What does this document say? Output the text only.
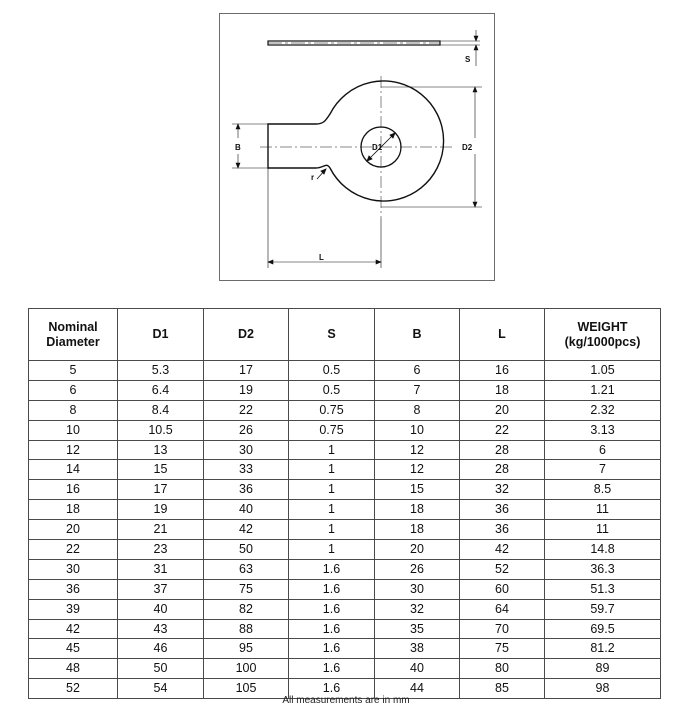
S
D1	D2
B
r
L
Nominal
Diameter	D1	D2	S	B	L	WEIGHT
(kg/1000pcs)
5	5.3	17	0.5	6	16	1.05
6	6.4	19	0.5	7	18	1.21
8	8.4	22	0.75	8	20	2.32
10	10.5	26	0.75	10	22	3.13
12	13	30	1	12	28	6
14	15	33	1	12	28	7
16	17	36	1	15	32	8.5
18	19	40	1	18	36	11
20	21	42	1	18	36	11
22	23	50	1	20	42	14.8
30	31	63	1.6	26	52	36.3
36	37	75	1.6	30	60	51.3
39	40	82	1.6	32	64	59.7
42	43	88	1.6	35	70	69.5
45	46	95	1.6	38	75	81.2
48	50	100	1.6	40	80	89
52	54	105	1.6	44	85	98
All measurements are in mm
